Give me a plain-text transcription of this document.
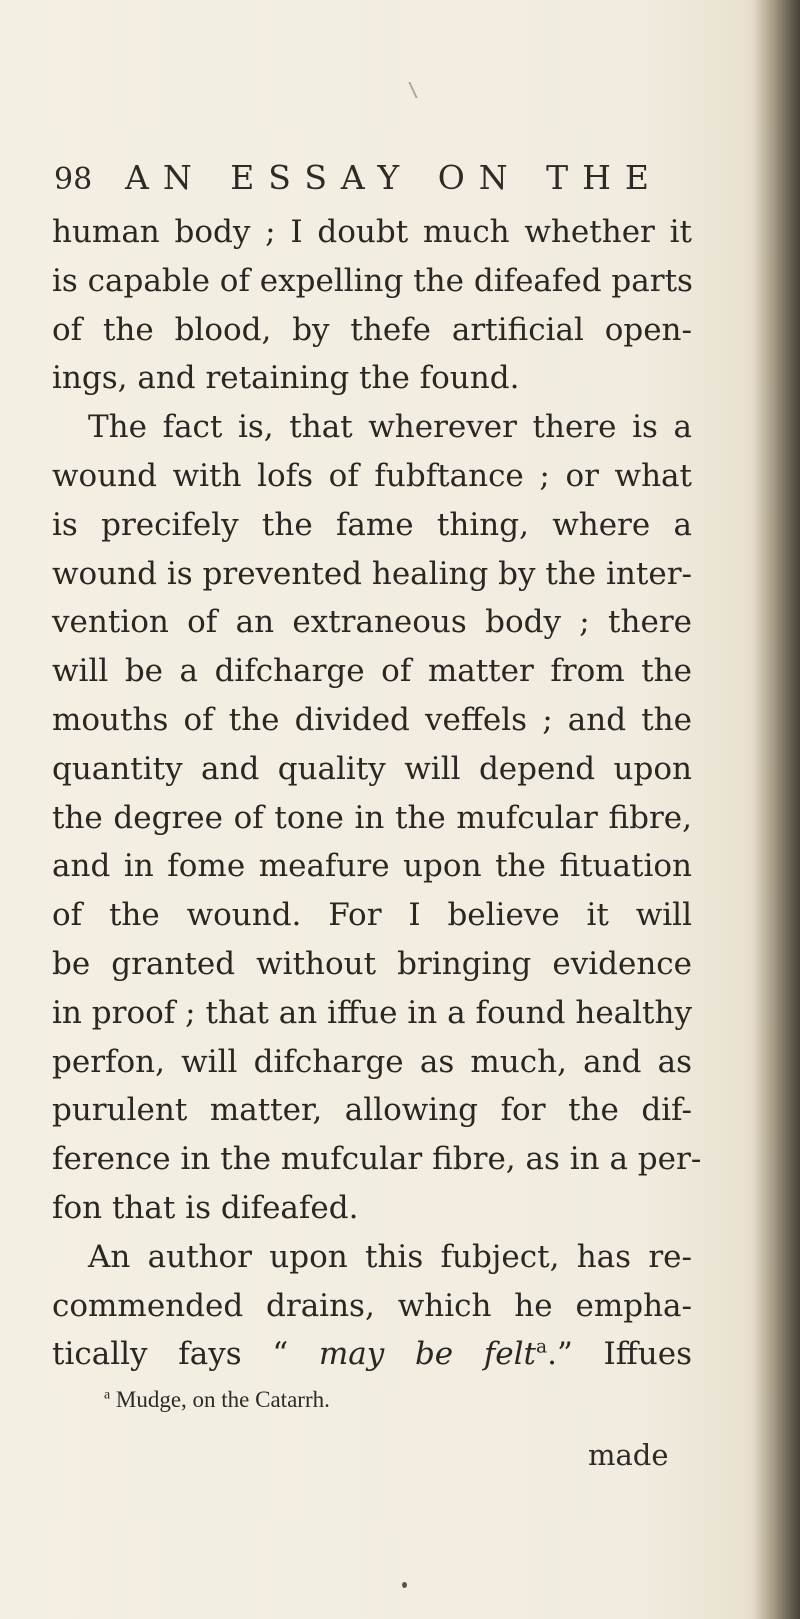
98 AN ESSAY ON THE
human body ; I doubt much whether it
is capable of expelling the difeafed parts
of the blood, by thefe artificial open-
ings, and retaining the found.
The fact is, that wherever there is a
wound with lofs of fubftance ; or what
is precifely the fame thing, where a
wound is prevented healing by the inter-
vention of an extraneous body ; there
will be a difcharge of matter from the
mouths of the divided veffels ; and the
quantity and quality will depend upon
the degree of tone in the mufcular fibre,
and in fome meafure upon the fituation
of the wound. For I believe it will
be granted without bringing evidence
in proof ; that an iffue in a found healthy
perfon, will difcharge as much, and as
purulent matter, allowing for the dif-
ference in the mufcular fibre, as in a per-
fon that is difeafed.
An author upon this fubject, has re-
commended drains, which he empha-
tically fays “ may be felt$^a$.” Iffues
$^a$ Mudge, on the Catarrh.
made
